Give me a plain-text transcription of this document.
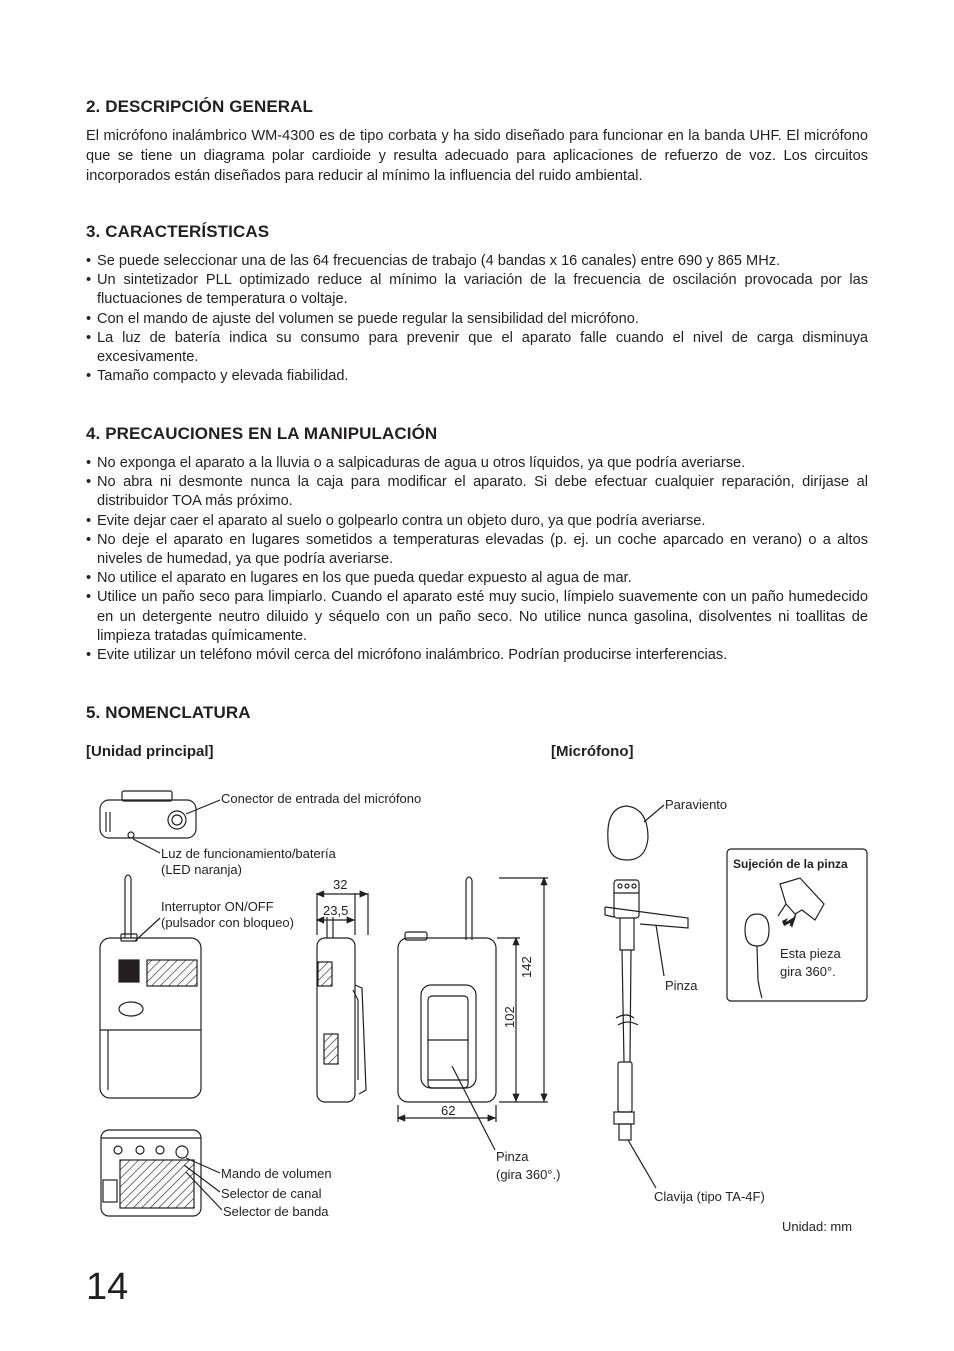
2. DESCRIPCIÓN GENERAL

El micrófono inalámbrico WM-4300 es de tipo corbata y ha sido diseñado para funcionar en la banda UHF. El micrófono que se tiene un diagrama polar cardioide y resulta adecuado para aplicaciones de refuerzo de voz. Los circuitos incorporados están diseñados para reducir al mínimo la influencia del ruido ambiental.

3. CARACTERÍSTICAS
• Se puede seleccionar una de las 64 frecuencias de trabajo (4 bandas x 16 canales) entre 690 y 865 MHz.
• Un sintetizador PLL optimizado reduce al mínimo la variación de la frecuencia de oscilación provocada por las fluctuaciones de temperatura o voltaje.
• Con el mando de ajuste del volumen se puede regular la sensibilidad del micrófono.
• La luz de batería indica su consumo para prevenir que el aparato falle cuando el nivel de carga disminuya excesivamente.
• Tamaño compacto y elevada fiabilidad.
4. PRECAUCIONES EN LA MANIPULACIÓN
• No exponga el aparato a la lluvia o a salpicaduras de agua u otros líquidos, ya que podría averiarse.
• No abra ni desmonte nunca la caja para modificar el aparato. Si debe efectuar cualquier reparación, diríjase al distribuidor TOA más próximo.
• Evite dejar caer el aparato al suelo o golpearlo contra un objeto duro, ya que podría averiarse.
• No deje el aparato en lugares sometidos a temperaturas elevadas (p. ej. un coche aparcado en verano) o a altos niveles de humedad, ya que podría averiarse.
• No utilice el aparato en lugares en los que pueda quedar expuesto al agua de mar.
• Utilice un paño seco para limpiarlo. Cuando el aparato esté muy sucio, límpielo suavemente con un paño humedecido en un detergente neutro diluido y séquelo con un paño seco. No utilice nunca gasolina, disolventes ni toallitas de limpieza tratadas químicamente.
• Evite utilizar un teléfono móvil cerca del micrófono inalámbrico. Podrían producirse interferencias.
5. NOMENCLATURA
[Unidad principal]	[Micrófono]
Conector de entrada del micrófono
Luz de funcionamiento/batería
(LED naranja)
Interruptor ON/OFF
(pulsador con bloqueo)
Mando de volumen
Selector de canal
Selector de banda
Pinza
(gira 360°.)
Paraviento
Pinza
Clavija (tipo TA-4F)
Sujeción de la pinza
Esta pieza
gira 360°.
Unidad: mm
32
23,5
142
102
62
14
